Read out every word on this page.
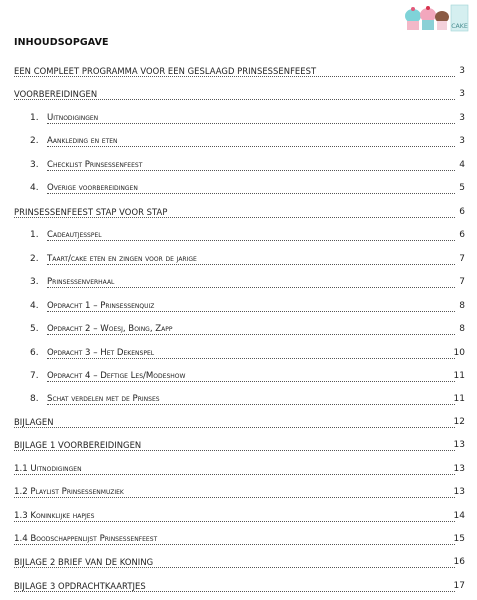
CAKE
INHOUDSOPGAVE
EEN COMPLEET PROGRAMMA VOOR EEN GESLAAGD PRINSESSENFEEST	3
VOORBEREIDINGEN	3
1. Uitnodigingen	3
2. Aankleding en eten	3
3. Checklist Prinsessenfeest	4
4. Overige voorbereidingen	5
PRINSESSENFEEST STAP VOOR STAP	6
1. Cadeautjesspel	6
2. Taart/cake eten en zingen voor de jarige	7
3. Prinsessenverhaal	7
4. Opdracht 1 – Prinsessenquiz	8
5. Opdracht 2 – Woesj, Boing, Zapp	8
6. Opdracht 3 – Het Dekenspel	10
7. Opdracht 4 – Deftige Les/Modeshow	11
8. Schat verdelen met de Prinses	11
BIJLAGEN	12
BIJLAGE 1 VOORBEREIDINGEN	13
1.1 Uitnodigingen	13
1.2 Playlist Prinsessenmuziek	13
1.3 Koninklijke hapjes	14
1.4 Boodschappenlijst Prinsessenfeest	15
BIJLAGE 2 BRIEF VAN DE KONING	16
BIJLAGE 3 OPDRACHTKAARTJES	17
